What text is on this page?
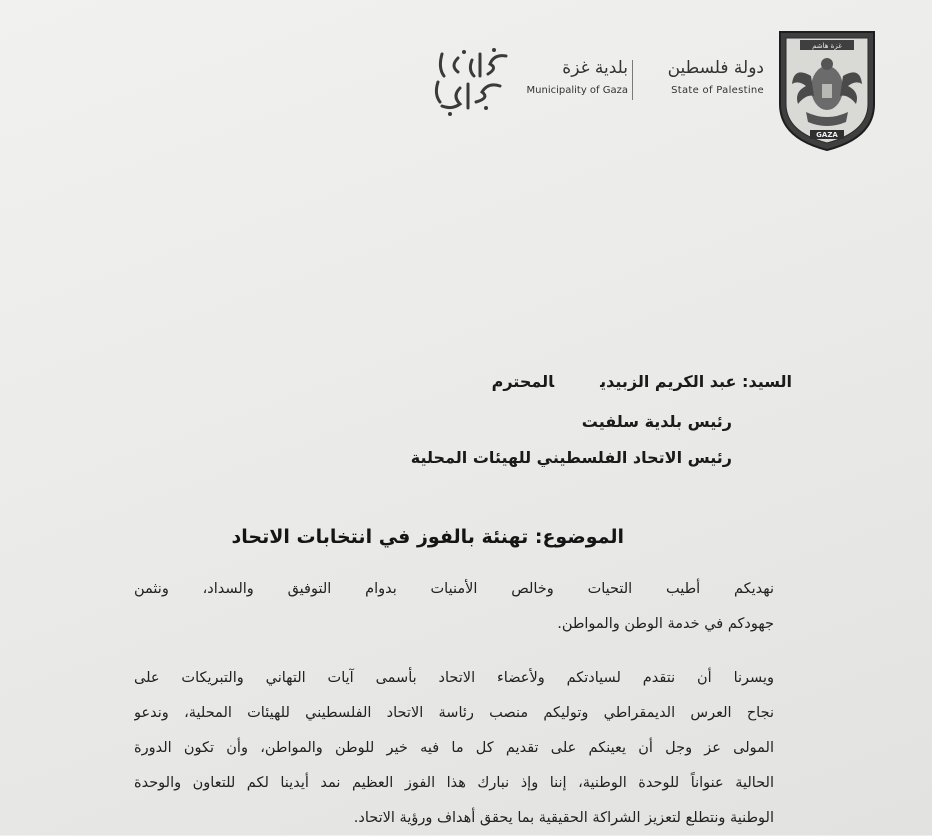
غزة هاشم
GAZA
دولة فلسطين
State of Palestine
بلدية غزة
Municipality of Gaza
كفاءة التنمية
السيد: عبد الكريم الزبيديالمحترم
رئيس بلدية سلفيت
رئيس الاتحاد الفلسطيني للهيئات المحلية
الموضوع: تهنئة بالفوز في انتخابات الاتحاد
نهديكم أطيب التحيات وخالص الأمنيات بدوام التوفيق والسداد، ونثمن
جهودكم في خدمة الوطن والمواطن.
ويسرنا أن نتقدم لسيادتكم ولأعضاء الاتحاد بأسمى آيات التهاني والتبريكات على
نجاح العرس الديمقراطي وتوليكم منصب رئاسة الاتحاد الفلسطيني للهيئات المحلية، وندعو
المولى عز وجل أن يعينكم على تقديم كل ما فيه خير للوطن والمواطن، وأن تكون الدورة
الحالية عنواناً للوحدة الوطنية، إننا وإذ نبارك هذا الفوز العظيم نمد أيدينا لكم للتعاون والوحدة
الوطنية ونتطلع لتعزيز الشراكة الحقيقية بما يحقق أهداف ورؤية الاتحاد.
